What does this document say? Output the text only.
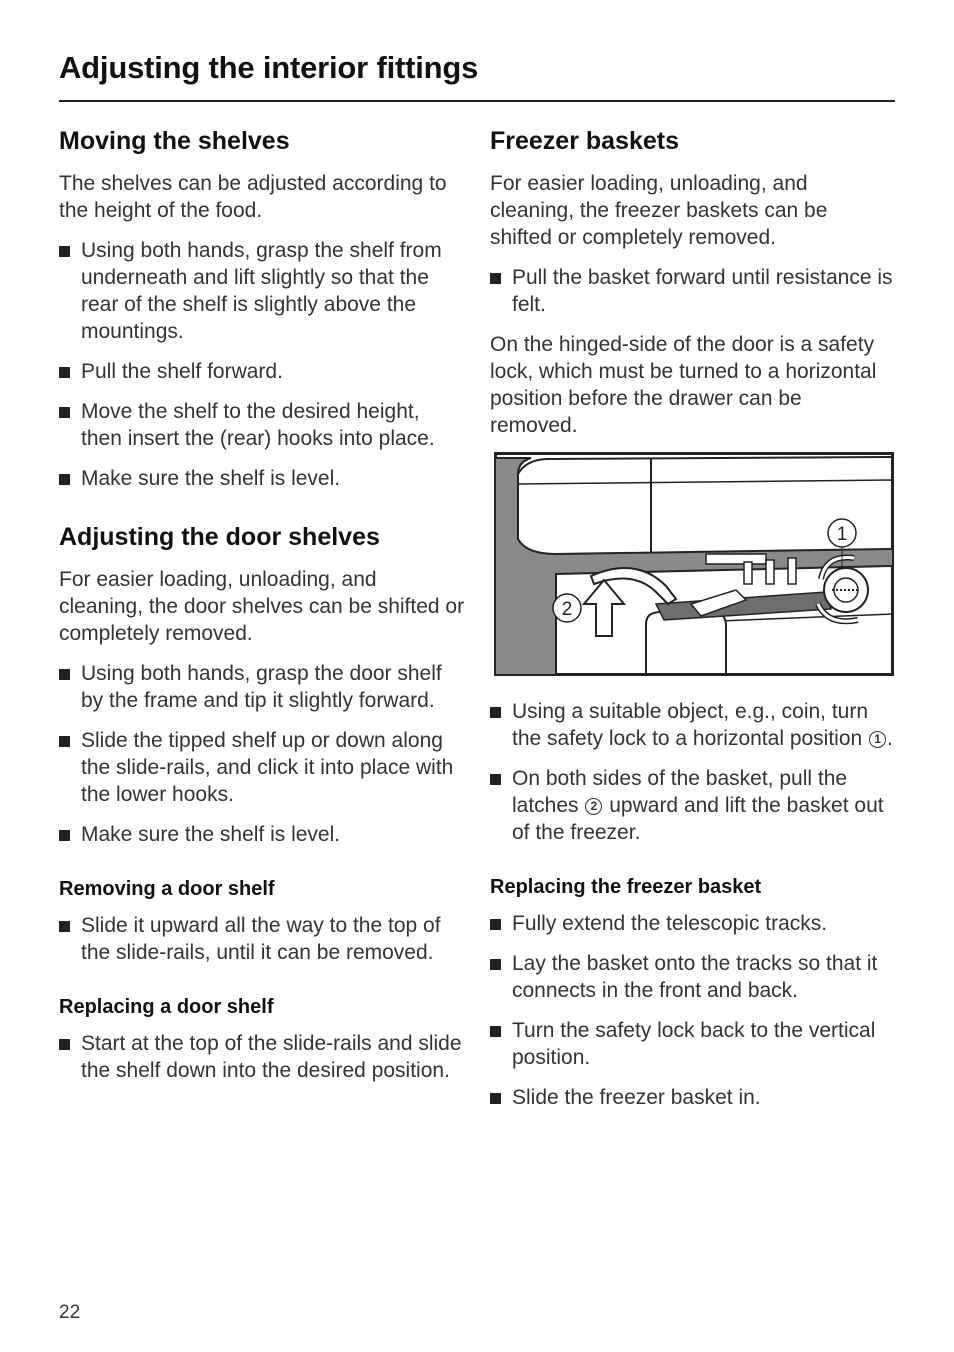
Adjusting the interior fittings
Moving the shelves

The shelves can be adjusted according to the height of the food.

Using both hands, grasp the shelf from underneath and lift slightly so that the rear of the shelf is slightly above the mountings.
Pull the shelf forward.
Move the shelf to the desired height, then insert the (rear) hooks into place.
Make sure the shelf is level.
Adjusting the door shelves

For easier loading, unloading, and cleaning, the door shelves can be shifted or completely removed.

Using both hands, grasp the door shelf by the frame and tip it slightly forward.
Slide the tipped shelf up or down along the slide-rails, and click it into place with the lower hooks.
Make sure the shelf is level.
Removing a door shelf
Slide it upward all the way to the top of the slide-rails, until it can be removed.
Replacing a door shelf
Start at the top of the slide-rails and slide the shelf down into the desired position.
Freezer baskets

For easier loading, unloading, and cleaning, the freezer baskets can be shifted or completely removed.

Pull the basket forward until resistance is felt.

On the hinged-side of the door is a safety lock, which must be turned to a horizontal position before the drawer can be removed.

1
2
Using a suitable object, e.g., coin, turn the safety lock to a horizontal position 1 .
On both sides of the basket, pull the latches 2 upward and lift the basket out of the freezer.
Replacing the freezer basket
Fully extend the telescopic tracks.
Lay the basket onto the tracks so that it connects in the front and back.
Turn the safety lock back to the vertical position.
Slide the freezer basket in.
22
